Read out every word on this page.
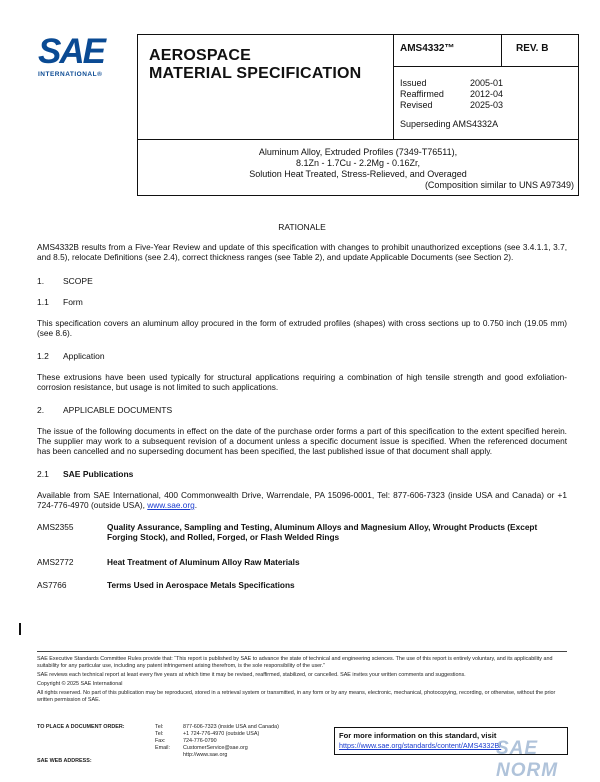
SAE
INTERNATIONAL®
AEROSPACE
MATERIAL SPECIFICATION
AMS4332™	REV. B
Issued	2005-01
Reaffirmed	2012-04
Revised	2025-03
Superseding AMS4332A
Aluminum Alloy, Extruded Profiles (7349-T76511),
8.1Zn - 1.7Cu - 2.2Mg - 0.16Zr,
Solution Heat Treated, Stress-Relieved, and Overaged
(Composition similar to UNS A97349)

RATIONALE

AMS4332B results from a Five-Year Review and update of this specification with changes to prohibit unauthorized exceptions (see 3.4.1.1, 3.7, and 8.5), relocate Definitions (see 2.4), correct thickness ranges (see Table 2), and update Applicable Documents (see Section 2).

1. SCOPE

1.1 Form

This specification covers an aluminum alloy procured in the form of extruded profiles (shapes) with cross sections up to 0.750 inch (19.05 mm) (see 8.6).

1.2 Application

These extrusions have been used typically for structural applications requiring a combination of high tensile strength and good exfoliation-corrosion resistance, but usage is not limited to such applications.

2. APPLICABLE DOCUMENTS

The issue of the following documents in effect on the date of the purchase order forms a part of this specification to the extent specified herein. The supplier may work to a subsequent revision of a document unless a specific document issue is specified. When the referenced document has been cancelled and no superseding document has been specified, the last published issue of that document shall apply.

2.1 SAE Publications

Available from SAE International, 400 Commonwealth Drive, Warrendale, PA 15096-0001, Tel: 877-606-7323 (inside USA and Canada) or +1 724-776-4970 (outside USA), www.sae.org.

AMS2355	Quality Assurance, Sampling and Testing, Aluminum Alloys and Magnesium Alloy, Wrought Products (Except Forging Stock), and Rolled, Forged, or Flash Welded Rings
AMS2772	Heat Treatment of Aluminum Alloy Raw Materials
AS7766	Terms Used in Aerospace Metals Specifications

SAE Executive Standards Committee Rules provide that: “This report is published by SAE to advance the state of technical and engineering sciences. The use of this report is entirely voluntary, and its applicability and suitability for any particular use, including any patent infringement arising therefrom, is the sole responsibility of the user.”

SAE reviews each technical report at least every five years at which time it may be revised, reaffirmed, stabilized, or cancelled. SAE invites your written comments and suggestions.

Copyright © 2025 SAE International

All rights reserved. No part of this publication may be reproduced, stored in a retrieval system or transmitted, in any form or by any means, electronic, mechanical, photocopying, recording, or otherwise, without the prior written permission of SAE.

TO PLACE A DOCUMENT ORDER:
SAE WEB ADDRESS:
Tel:	877-606-7323 (inside USA and Canada)
Tel:	+1 724-776-4970 (outside USA)
Fax:	724-776-0790
Email:	CustomerService@sae.org
http://www.sae.org
For more information on this standard, visit
https://www.sae.org/standards/content/AMS4332B/
SAE NORM
